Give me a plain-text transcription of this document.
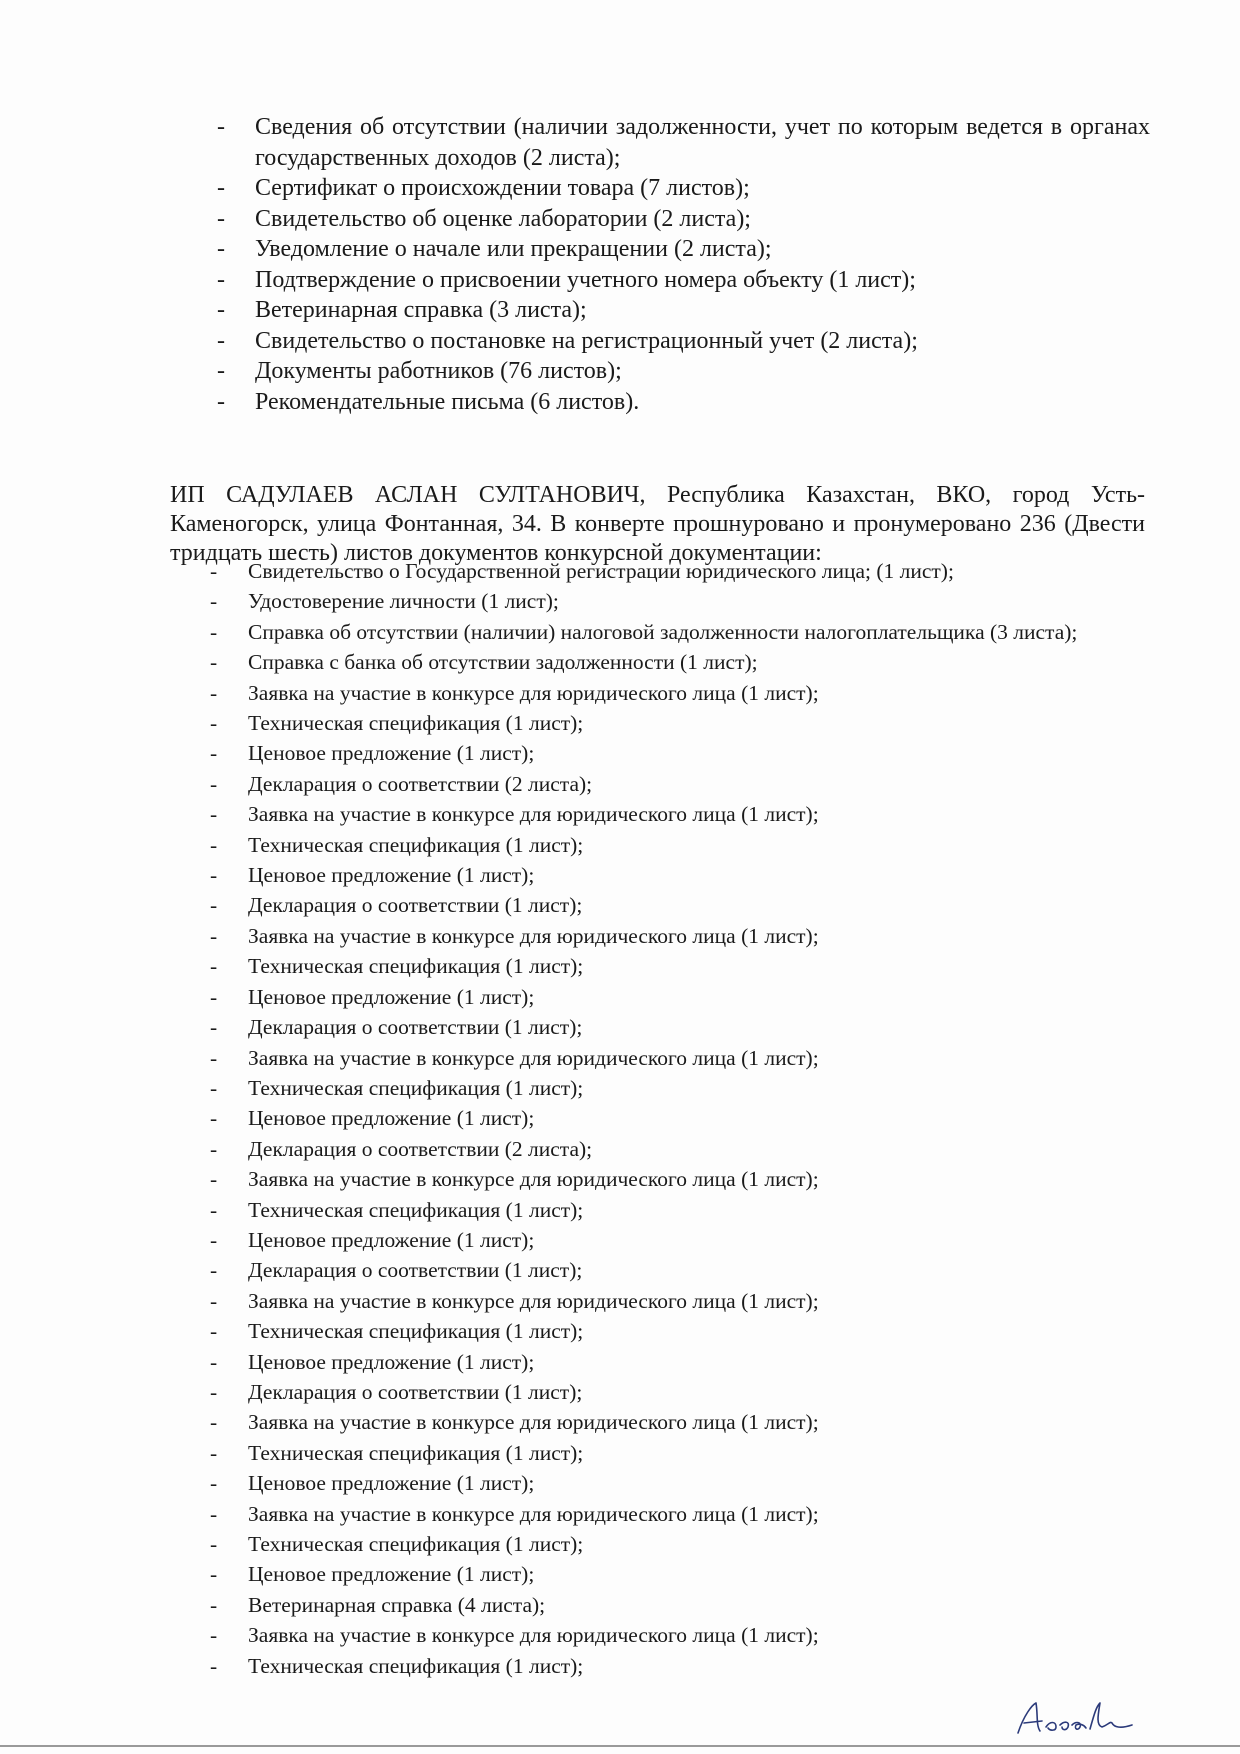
- Сведения об отсутствии (наличии задолженности, учет по которым ведется в органах государственных доходов (2 листа);
- Сертификат о происхождении товара (7 листов);
- Свидетельство об оценке лаборатории (2 листа);
- Уведомление о начале или прекращении (2 листа);
- Подтверждение о присвоении учетного номера объекту (1 лист);
- Ветеринарная справка (3 листа);
- Свидетельство о постановке на регистрационный учет (2 листа);
- Документы работников (76 листов);
- Рекомендательные письма (6 листов).

ИП САДУЛАЕВ АСЛАН СУЛТАНОВИЧ, Республика Казахстан, ВКО, город Усть-Каменогорск, улица Фонтанная, 34. В конверте прошнуровано и пронумеровано 236 (Двести тридцать шесть) листов документов конкурсной документации:

- Свидетельство о Государственной регистрации юридического лица; (1 лист);
- Удостоверение личности (1 лист);
- Справка об отсутствии (наличии) налоговой задолженности налогоплательщика (3 листа);
- Справка с банка об отсутствии задолженности (1 лист);
- Заявка на участие в конкурсе для юридического лица (1 лист);
- Техническая спецификация (1 лист);
- Ценовое предложение (1 лист);
- Декларация о соответствии (2 листа);
- Заявка на участие в конкурсе для юридического лица (1 лист);
- Техническая спецификация (1 лист);
- Ценовое предложение (1 лист);
- Декларация о соответствии (1 лист);
- Заявка на участие в конкурсе для юридического лица (1 лист);
- Техническая спецификация (1 лист);
- Ценовое предложение (1 лист);
- Декларация о соответствии (1 лист);
- Заявка на участие в конкурсе для юридического лица (1 лист);
- Техническая спецификация (1 лист);
- Ценовое предложение (1 лист);
- Декларация о соответствии (2 листа);
- Заявка на участие в конкурсе для юридического лица (1 лист);
- Техническая спецификация (1 лист);
- Ценовое предложение (1 лист);
- Декларация о соответствии (1 лист);
- Заявка на участие в конкурсе для юридического лица (1 лист);
- Техническая спецификация (1 лист);
- Ценовое предложение (1 лист);
- Декларация о соответствии (1 лист);
- Заявка на участие в конкурсе для юридического лица (1 лист);
- Техническая спецификация (1 лист);
- Ценовое предложение (1 лист);
- Заявка на участие в конкурсе для юридического лица (1 лист);
- Техническая спецификация (1 лист);
- Ценовое предложение (1 лист);
- Ветеринарная справка (4 листа);
- Заявка на участие в конкурсе для юридического лица (1 лист);
- Техническая спецификация (1 лист);
